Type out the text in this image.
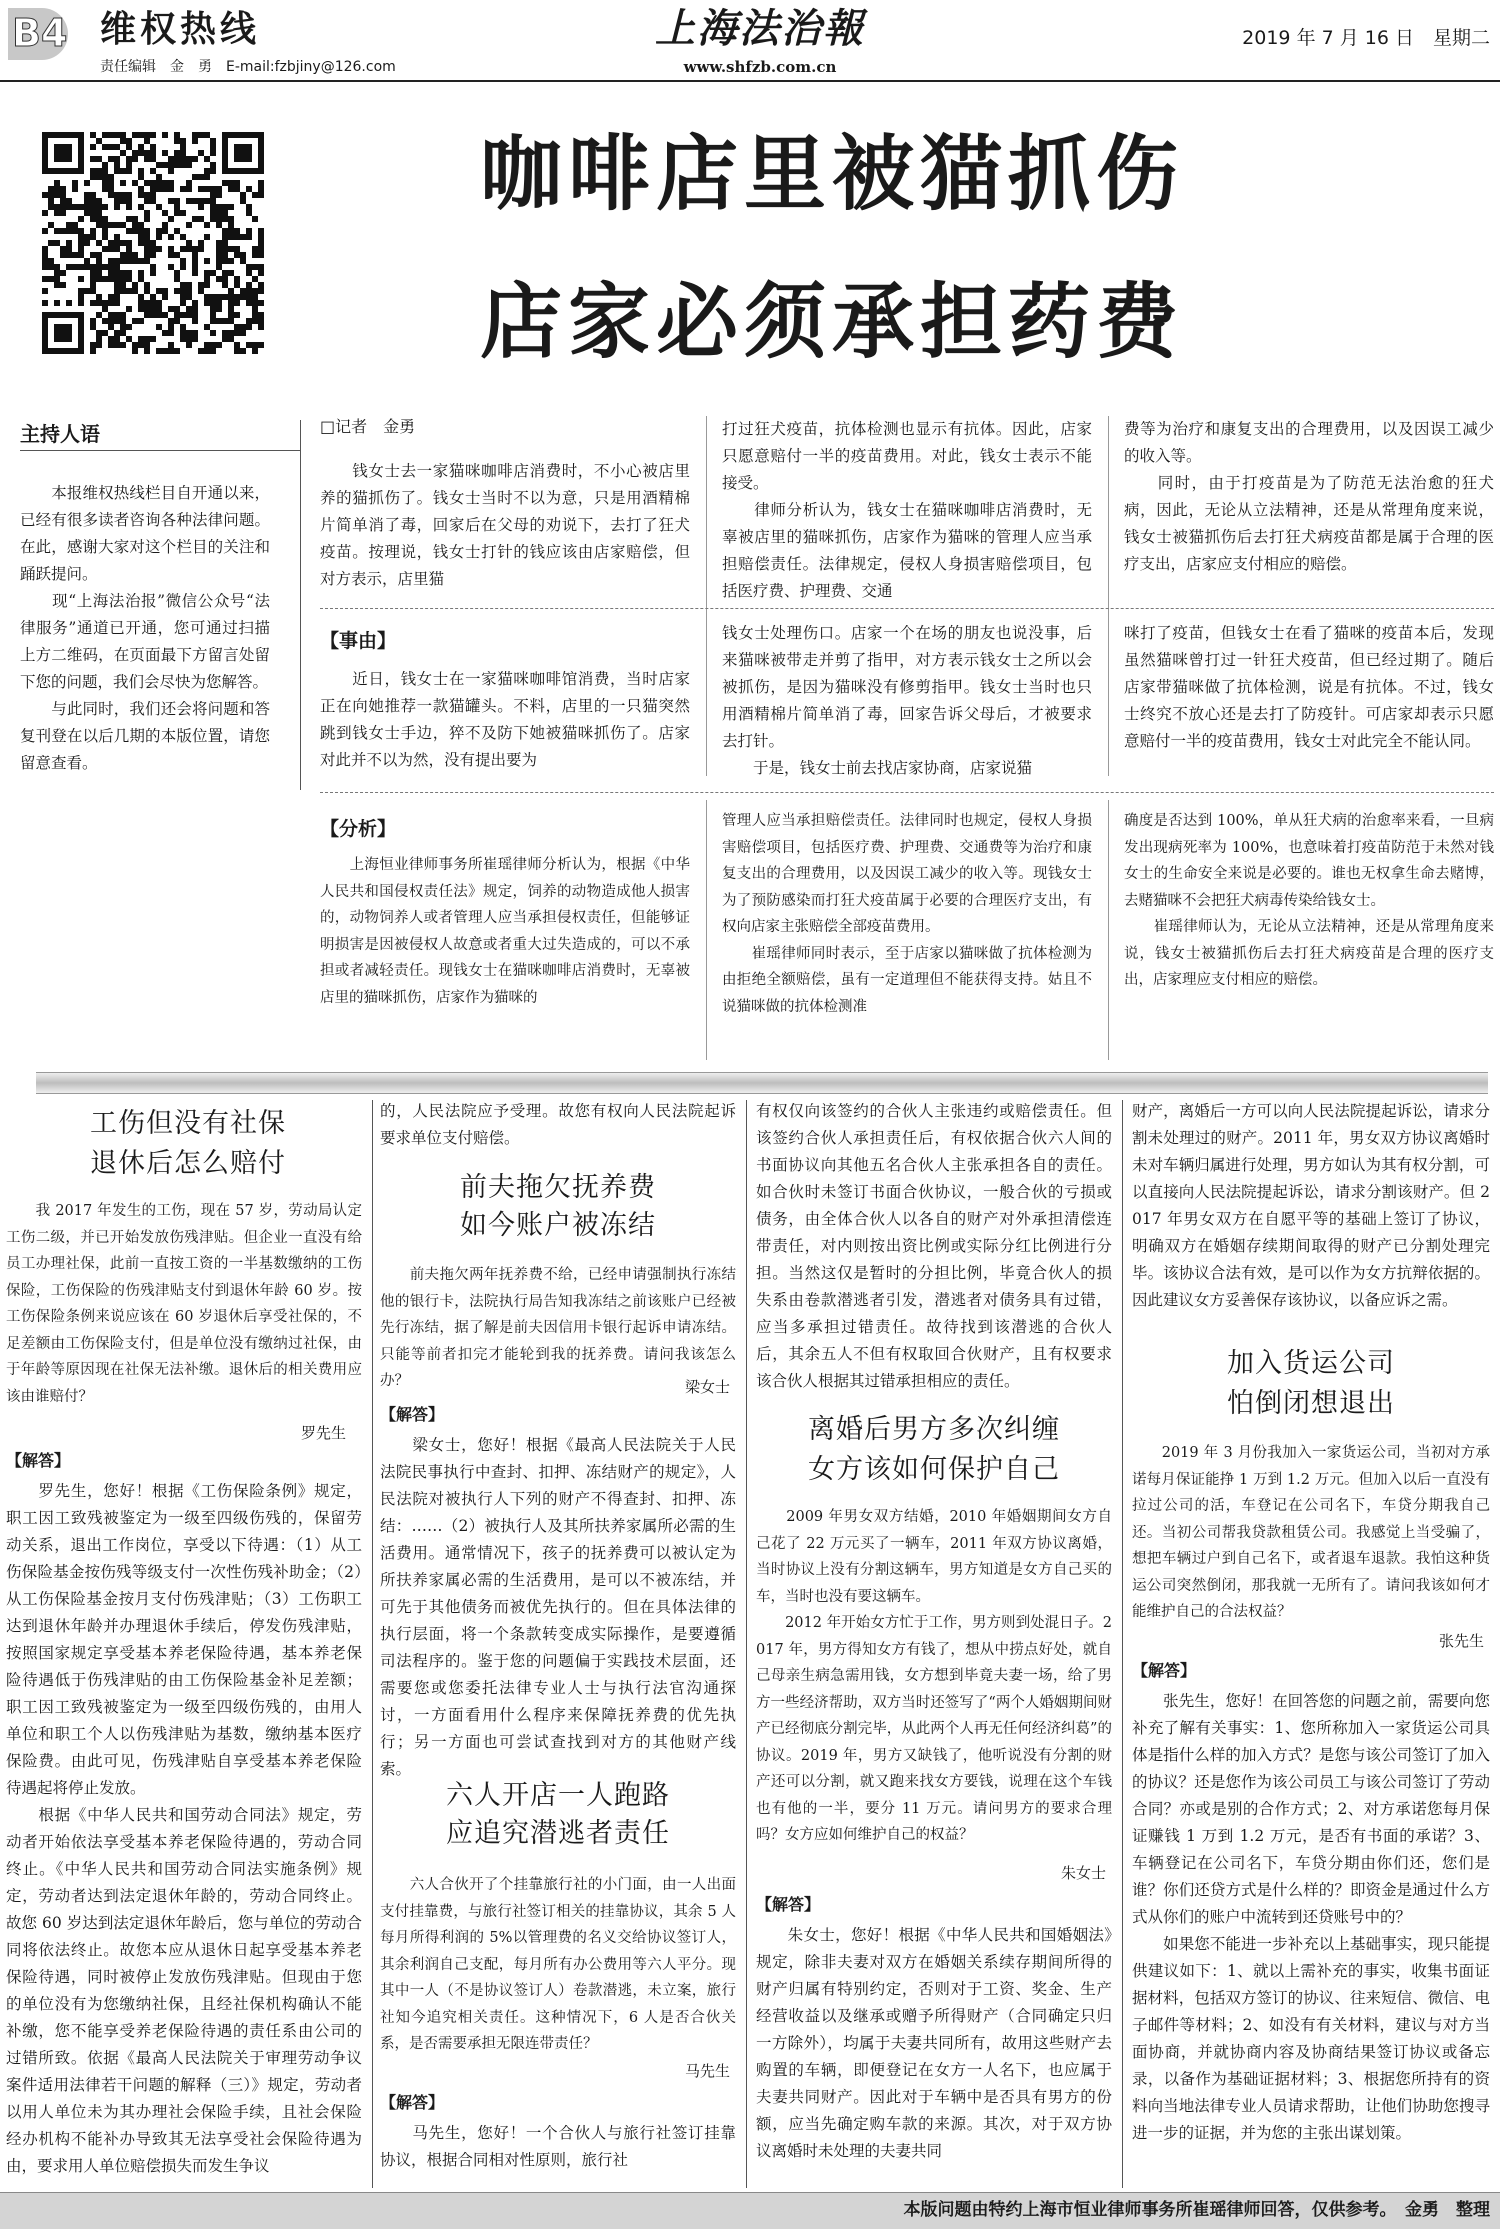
B4 维权热线
责任编辑　金　勇　E-mail:fzbjiny@126.com
上海法治報
www.shfzb.com.cn
2019 年 7 月 16 日　星期二
咖啡店里被猫抓伤
店家必须承担药费
主持人语
　　本报维权热线栏目自开通以来，已经有很多读者咨询各种法律问题。在此，感谢大家对这个栏目的关注和踊跃提问。
　　现“上海法治报”微信公众号“法律服务”通道已开通，您可通过扫描上方二维码，在页面最下方留言处留下您的问题，我们会尽快为您解答。
　　与此同时，我们还会将问题和答复刊登在以后几期的本版位置，请您留意查看。
□记者　金勇
　　钱女士去一家猫咪咖啡店消费时，不小心被店里养的猫抓伤了。钱女士当时不以为意，只是用酒精棉片简单消了毒，回家后在父母的劝说下，去打了狂犬疫苗。按理说，钱女士打针的钱应该由店家赔偿，但对方表示，店里猫
打过狂犬疫苗，抗体检测也显示有抗体。因此，店家只愿意赔付一半的疫苗费用。对此，钱女士表示不能接受。
　　律师分析认为，钱女士在猫咪咖啡店消费时，无辜被店里的猫咪抓伤，店家作为猫咪的管理人应当承担赔偿责任。法律规定，侵权人身损害赔偿项目，包括医疗费、护理费、交通
费等为治疗和康复支出的合理费用，以及因误工减少的收入等。
　　同时，由于打疫苗是为了防范无法治愈的狂犬病，因此，无论从立法精神，还是从常理角度来说，钱女士被猫抓伤后去打狂犬病疫苗都是属于合理的医疗支出，店家应支付相应的赔偿。
【事由】
　　近日，钱女士在一家猫咪咖啡馆消费，当时店家正在向她推荐一款猫罐头。不料，店里的一只猫突然跳到钱女士手边，猝不及防下她被猫咪抓伤了。店家对此并不以为然，没有提出要为
钱女士处理伤口。店家一个在场的朋友也说没事，后来猫咪被带走并剪了指甲，对方表示钱女士之所以会被抓伤，是因为猫咪没有修剪指甲。钱女士当时也只用酒精棉片简单消了毒，回家告诉父母后，才被要求去打针。
　　于是，钱女士前去找店家协商，店家说猫
咪打了疫苗，但钱女士在看了猫咪的疫苗本后，发现虽然猫咪曾打过一针狂犬疫苗，但已经过期了。随后店家带猫咪做了抗体检测，说是有抗体。不过，钱女士终究不放心还是去打了防疫针。可店家却表示只愿意赔付一半的疫苗费用，钱女士对此完全不能认同。
【分析】
　　上海恒业律师事务所崔瑶律师分析认为，根据《中华人民共和国侵权责任法》规定，饲养的动物造成他人损害的，动物饲养人或者管理人应当承担侵权责任，但能够证明损害是因被侵权人故意或者重大过失造成的，可以不承担或者减轻责任。现钱女士在猫咪咖啡店消费时，无辜被店里的猫咪抓伤，店家作为猫咪的
管理人应当承担赔偿责任。法律同时也规定，侵权人身损害赔偿项目，包括医疗费、护理费、交通费等为治疗和康复支出的合理费用，以及因误工减少的收入等。现钱女士为了预防感染而打狂犬疫苗属于必要的合理医疗支出，有权向店家主张赔偿全部疫苗费用。
　　崔瑶律师同时表示，至于店家以猫咪做了抗体检测为由拒绝全额赔偿，虽有一定道理但不能获得支持。姑且不说猫咪做的抗体检测准
确度是否达到 100%，单从狂犬病的治愈率来看，一旦病发出现病死率为 100%，也意味着打疫苗防范于未然对钱女士的生命安全来说是必要的。谁也无权拿生命去赌博，去赌猫咪不会把狂犬病毒传染给钱女士。
　　崔瑶律师认为，无论从立法精神，还是从常理角度来说，钱女士被猫抓伤后去打狂犬病疫苗是合理的医疗支出，店家理应支付相应的赔偿。
工伤但没有社保
退休后怎么赔付
　　我 2017 年发生的工伤，现在 57 岁，劳动局认定工伤二级，并已开始发放伤残津贴。但企业一直没有给员工办理社保，此前一直按工资的一半基数缴纳的工伤保险，工伤保险的伤残津贴支付到退休年龄 60 岁。按工伤保险条例来说应该在 60 岁退休后享受社保的，不足差额由工伤保险支付，但是单位没有缴纳过社保，由于年龄等原因现在社保无法补缴。退休后的相关费用应该由谁赔付？
罗先生
【解答】
　　罗先生，您好！根据《工伤保险条例》规定，职工因工致残被鉴定为一级至四级伤残的，保留劳动关系，退出工作岗位，享受以下待遇：（1）从工伤保险基金按伤残等级支付一次性伤残补助金；（2）从工伤保险基金按月支付伤残津贴；（3）工伤职工达到退休年龄并办理退休手续后，停发伤残津贴，按照国家规定享受基本养老保险待遇，基本养老保险待遇低于伤残津贴的由工伤保险基金补足差额；职工因工致残被鉴定为一级至四级伤残的，由用人单位和职工个人以伤残津贴为基数，缴纳基本医疗保险费。由此可见，伤残津贴自享受基本养老保险待遇起将停止发放。
　　根据《中华人民共和国劳动合同法》规定，劳动者开始依法享受基本养老保险待遇的，劳动合同终止。《中华人民共和国劳动合同法实施条例》规定，劳动者达到法定退休年龄的，劳动合同终止。故您 60 岁达到法定退休年龄后，您与单位的劳动合同将依法终止。故您本应从退休日起享受基本养老保险待遇，同时被停止发放伤残津贴。但现由于您的单位没有为您缴纳社保，且经社保机构确认不能补缴，您不能享受养老保险待遇的责任系由公司的过错所致。依据《最高人民法院关于审理劳动争议案件适用法律若干问题的解释（三）》规定，劳动者以用人单位未为其办理社会保险手续，且社会保险经办机构不能补办导致其无法享受社会保险待遇为由，要求用人单位赔偿损失而发生争议
的，人民法院应予受理。故您有权向人民法院起诉要求单位支付赔偿。
前夫拖欠抚养费
如今账户被冻结
　　前夫拖欠两年抚养费不给，已经申请强制执行冻结他的银行卡，法院执行局告知我冻结之前该账户已经被先行冻结，据了解是前夫因信用卡银行起诉申请冻结。只能等前者扣完才能轮到我的抚养费。请问我该怎么办？	梁女士
【解答】
　　梁女士，您好！根据《最高人民法院关于人民法院民事执行中查封、扣押、冻结财产的规定》，人民法院对被执行人下列的财产不得查封、扣押、冻结：……（2）被执行人及其所扶养家属所必需的生活费用。通常情况下，孩子的抚养费可以被认定为所扶养家属必需的生活费用，是可以不被冻结，并可先于其他债务而被优先执行的。但在具体法律的执行层面，将一个条款转变成实际操作，是要遵循司法程序的。鉴于您的问题偏于实践技术层面，还需要您或您委托法律专业人士与执行法官沟通探讨，一方面看用什么程序来保障抚养费的优先执行；另一方面也可尝试查找到对方的其他财产线索。
六人开店一人跑路
应追究潜逃者责任
　　六人合伙开了个挂靠旅行社的小门面，由一人出面支付挂靠费，与旅行社签订相关的挂靠协议，其余 5 人每月所得利润的 5%以管理费的名义交给协议签订人，其余利润自己支配，每月所有办公费用等六人平分。现其中一人（不是协议签订人）卷款潜逃，未立案，旅行社知今追究相关责任。这种情况下，6 人是否合伙关系，是否需要承担无限连带责任？
马先生
【解答】
　　马先生，您好！一个合伙人与旅行社签订挂靠协议，根据合同相对性原则，旅行社
有权仅向该签约的合伙人主张违约或赔偿责任。但该签约合伙人承担责任后，有权依据合伙六人间的书面协议向其他五名合伙人主张承担各自的责任。如合伙时未签订书面合伙协议，一般合伙的亏损或债务，由全体合伙人以各自的财产对外承担清偿连带责任，对内则按出资比例或实际分红比例进行分担。当然这仅是暂时的分担比例，毕竟合伙人的损失系由卷款潜逃者引发，潜逃者对债务具有过错，应当多承担过错责任。故待找到该潜逃的合伙人后，其余五人不但有权取回合伙财产，且有权要求该合伙人根据其过错承担相应的责任。
离婚后男方多次纠缠
女方该如何保护自己
　　2009 年男女双方结婚，2010 年婚姻期间女方自己花了 22 万元买了一辆车，2011 年双方协议离婚，当时协议上没有分割这辆车，男方知道是女方自己买的车，当时也没有要这辆车。
　　2012 年开始女方忙于工作，男方则到处混日子。2017 年，男方得知女方有钱了，想从中捞点好处，就自己母亲生病急需用钱，女方想到毕竟夫妻一场，给了男方一些经济帮助，双方当时还签写了“两个人婚姻期间财产已经彻底分割完毕，从此两个人再无任何经济纠葛”的协议。2019 年，男方又缺钱了，他听说没有分割的财产还可以分割，就又跑来找女方要钱，说理在这个车钱也有他的一半，要分 11 万元。请问男方的要求合理吗？女方应如何维护自己的权益？
朱女士
【解答】
　　朱女士，您好！根据《中华人民共和国婚姻法》规定，除非夫妻对双方在婚姻关系续存期间所得的财产归属有特别约定，否则对于工资、奖金、生产经营收益以及继承或赠予所得财产（合同确定只归一方除外），均属于夫妻共同所有，故用这些财产去购置的车辆，即便登记在女方一人名下，也应属于夫妻共同财产。因此对于车辆中是否具有男方的份额，应当先确定购车款的来源。其次，对于双方协议离婚时未处理的夫妻共同
财产，离婚后一方可以向人民法院提起诉讼，请求分割未处理过的财产。2011 年，男女双方协议离婚时未对车辆归属进行处理，男方如认为其有权分割，可以直接向人民法院提起诉讼，请求分割该财产。但 2017 年男女双方在自愿平等的基础上签订了协议，明确双方在婚姻存续期间取得的财产已分割处理完毕。该协议合法有效，是可以作为女方抗辩依据的。因此建议女方妥善保存该协议，以备应诉之需。
加入货运公司
怕倒闭想退出
　　2019 年 3 月份我加入一家货运公司，当初对方承诺每月保证能挣 1 万到 1.2 万元。但加入以后一直没有拉过公司的活，车登记在公司名下，车贷分期我自己还。当初公司帮我贷款租赁公司。我感觉上当受骗了，想把车辆过户到自己名下，或者退车退款。我怕这种货运公司突然倒闭，那我就一无所有了。请问我该如何才能维护自己的合法权益？
张先生
【解答】
　　张先生，您好！在回答您的问题之前，需要向您补充了解有关事实：1、您所称加入一家货运公司具体是指什么样的加入方式？是您与该公司签订了加入的协议？还是您作为该公司员工与该公司签订了劳动合同？亦或是别的合作方式；2、对方承诺您每月保证赚钱 1 万到 1.2 万元，是否有书面的承诺？3、车辆登记在公司名下，车贷分期由你们还，您们是谁？你们还贷方式是什么样的？即资金是通过什么方式从你们的账户中流转到还贷账号中的？
　　如果您不能进一步补充以上基础事实，现只能提供建议如下：1、就以上需补充的事实，收集书面证据材料，包括双方签订的协议、往来短信、微信、电子邮件等材料；2、如没有有关材料，建议与对方当面协商，并就协商内容及协商结果签订协议或备忘录，以备作为基础证据材料；3、根据您所持有的资料向当地法律专业人员请求帮助，让他们协助您搜寻进一步的证据，并为您的主张出谋划策。
本版问题由特约上海市恒业律师事务所崔瑶律师回答，仅供参考。　金勇　整理
